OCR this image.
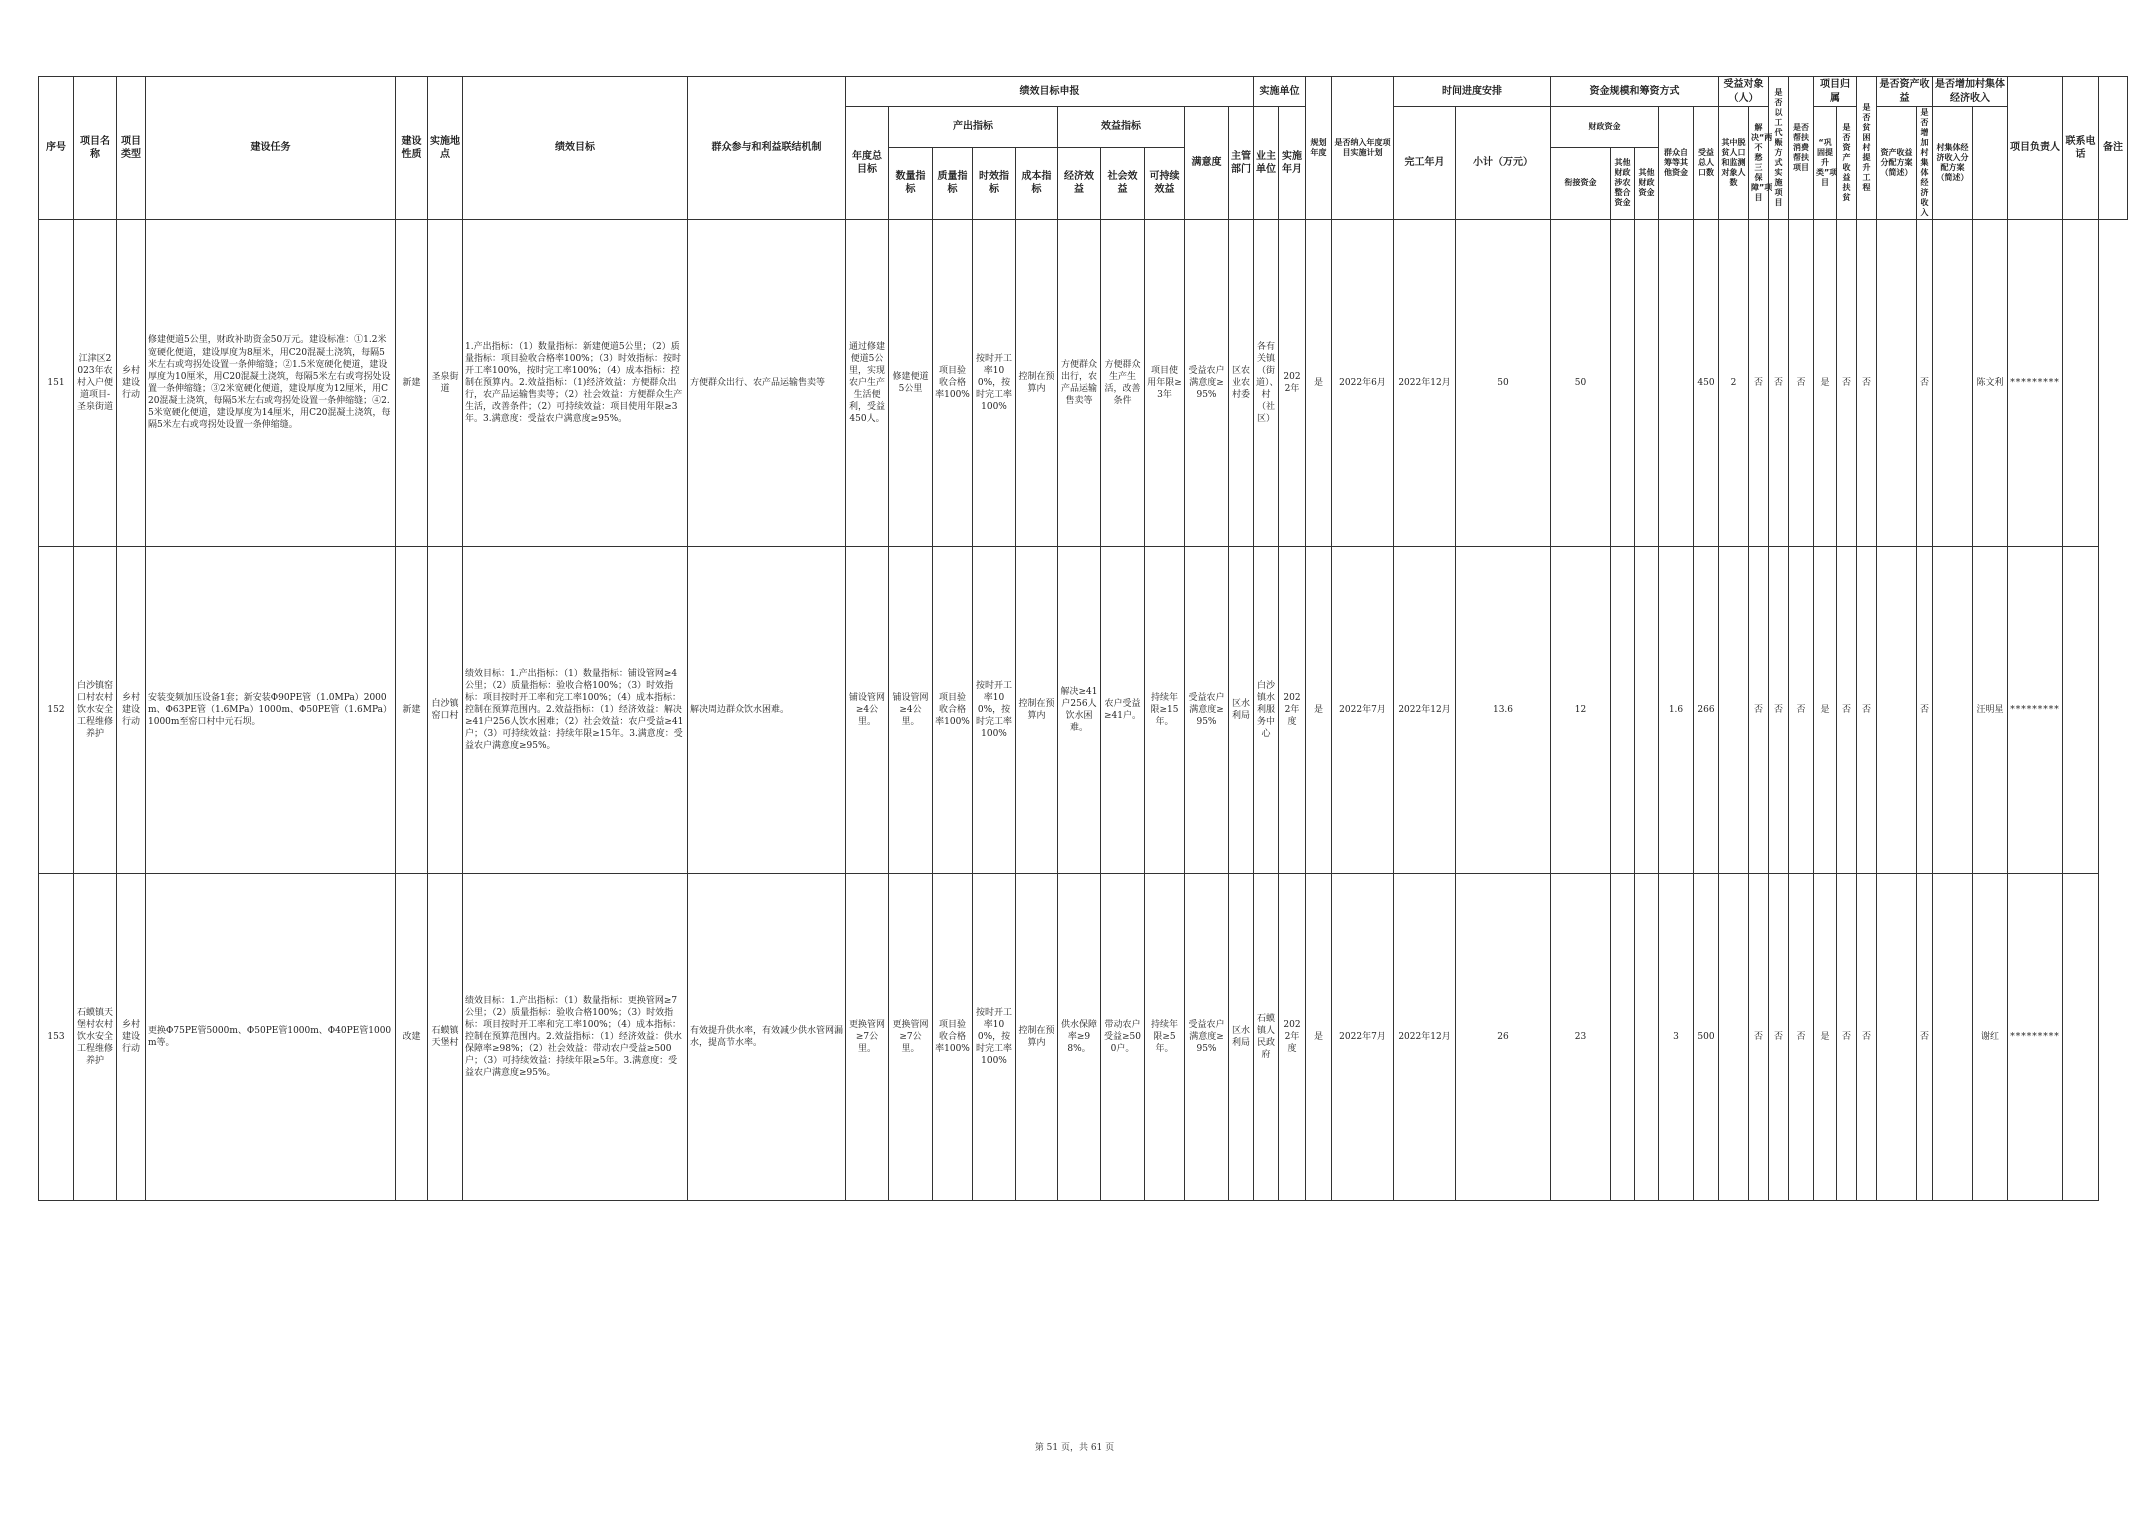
序号	项目名称	项目类型	建设任务	建设性质	实施地点	绩效目标	群众参与和利益联结机制	绩效目标申报										实施单位		规划年度	是否纳入年度项目实施计划	时间进度安排		资金规模和筹资方式					受益对象（人）		是否以工代赈方式实施项目	是否帮扶消费帮扶项目	项目归属		是否贫困村提升工程	是否资产收益		是否增加村集体经济收入		项目负责人	联系电话	备注
								年度总目标	产出指标				效益指标			满意度	主管部门	业主单位	实施年月			完工年月	小计（万元）	财政资金			群众自筹等其他资金	受益总人口数	其中脱贫人口和监测对象人数	解决“两不愁三保障”项目			“巩固提升类”项目	是否资产收益扶贫		资产收益分配方案（简述）	是否增加村集体经济收入	村集体经济收入分配方案（简述）				
									数量指标	质量指标	时效指标	成本指标	经济效益	社会效益	可持续效益									衔接资金	其他财政涉农整合资金	其他财政资金																
151	江津区2023年农村入户便道项目-圣泉街道	乡村建设行动	修建便道5公里，财政补助资金50万元。建设标准：①1.2米宽硬化便道，建设厚度为8厘米，用C20混凝土浇筑，每隔5米左右或弯拐处设置一条伸缩缝；②1.5米宽硬化便道，建设厚度为10厘米，用C20混凝土浇筑，每隔5米左右或弯拐处设置一条伸缩缝；③2米宽硬化便道，建设厚度为12厘米，用C20混凝土浇筑，每隔5米左右或弯拐处设置一条伸缩缝；④2.5米宽硬化便道，建设厚度为14厘米，用C20混凝土浇筑，每隔5米左右或弯拐处设置一条伸缩缝。	新建	圣泉街道	1.产出指标：（1）数量指标：新建便道5公里；（2）质量指标：项目验收合格率100%；（3）时效指标：按时开工率100%，按时完工率100%；（4）成本指标：控制在预算内。2.效益指标：（1)经济效益：方便群众出行，农产品运输售卖等；（2）社会效益：方便群众生产生活，改善条件；（2）可持续效益：项目使用年限≥3年。3.满意度：受益农户满意度≥95%。	方便群众出行、农产品运输售卖等	通过修建便道5公里，实现农户生产生活便利，受益450人。	修建便道5公里	项目验收合格率100%	按时开工率100%，按时完工率100%	控制在预算内	方便群众出行，农产品运输售卖等	方便群众生产生活，改善条件	项目使用年限≥3年	受益农户满意度≥95%	区农业农村委	各有关镇（街道）、村（社区）	2022年	是	2022年6月	2022年12月	50	50				450	2	否	否	否	是	否	否		否		陈文利	*********		
152	白沙镇窑口村农村饮水安全工程维修养护	乡村建设行动	安装变频加压设备1套；新安装Φ90PE管（1.0MPa）2000m、Φ63PE管（1.6MPa）1000m、Φ50PE管（1.6MPa）1000m至窑口村中元石坝。	新建	白沙镇窑口村	绩效目标：1.产出指标：（1）数量指标：铺设管网≥4公里；（2）质量指标：验收合格100%；（3）时效指标：项目按时开工率和完工率100%；（4）成本指标：控制在预算范围内。2.效益指标：（1）经济效益：解决≥41户256人饮水困难；（2）社会效益：农户受益≥41户；（3）可持续效益：持续年限≥15年。3.满意度：受益农户满意度≥95%。	解决周边群众饮水困难。	铺设管网≥4公里。	铺设管网≥4公里。	项目验收合格率100%	按时开工率100%，按时完工率100%	控制在预算内	解决≥41户256人饮水困难。	农户受益≥41户。	持续年限≥15年。	受益农户满意度≥95%	区水利局	白沙镇水利服务中心	2022年度	是	2022年7月	2022年12月	13.6	12			1.6	266		否	否	否	是	否	否		否		汪明星	*********		
153	石蟆镇天堡村农村饮水安全工程维修养护	乡村建设行动	更换Φ75PE管5000m、Φ50PE管1000m、Φ40PE管1000m等。	改建	石蟆镇天堡村	绩效目标：1.产出指标：（1）数量指标：更换管网≥7公里；（2）质量指标：验收合格100%；（3）时效指标：项目按时开工率和完工率100%；（4）成本指标：控制在预算范围内。2.效益指标：（1）经济效益：供水保障率≥98%；（2）社会效益：带动农户受益≥500户；（3）可持续效益：持续年限≥5年。3.满意度：受益农户满意度≥95%。	有效提升供水率，有效减少供水管网漏水，提高节水率。	更换管网≥7公里。	更换管网≥7公里。	项目验收合格率100%	按时开工率100%，按时完工率100%	控制在预算内	供水保障率≥98%。	带动农户受益≥500户。	持续年限≥5年。	受益农户满意度≥95%	区水利局	石蟆镇人民政府	2022年度	是	2022年7月	2022年12月	26	23			3	500		否	否	否	是	否	否		否		谢红	*********		
第 51 页，共 61 页
